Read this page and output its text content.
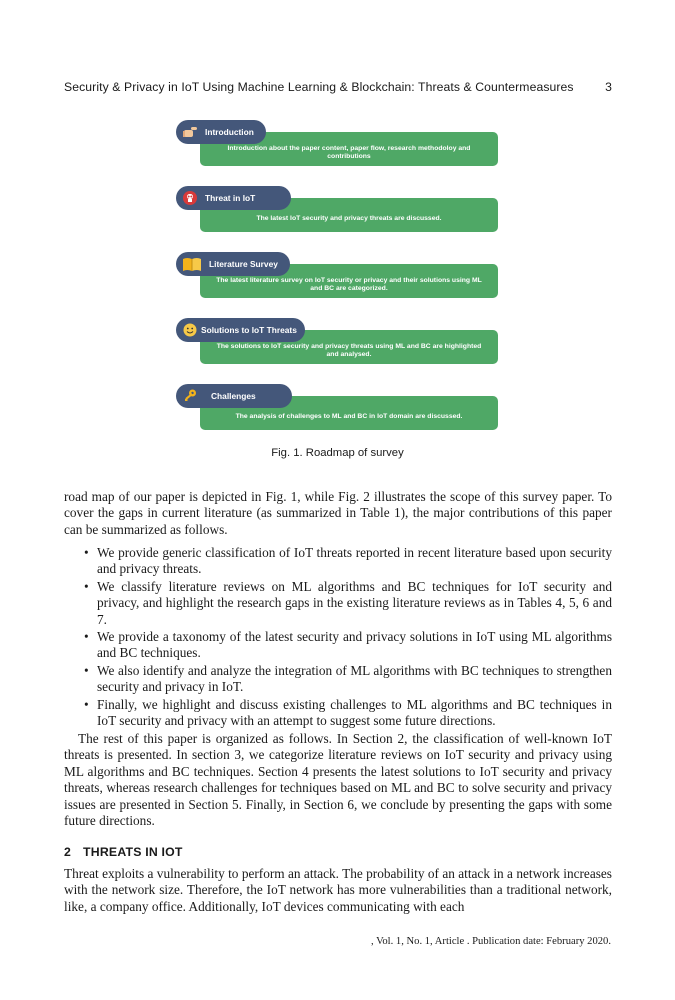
Security & Privacy in IoT Using Machine Learning & Blockchain: Threats & Countermeasures	3
Introduction about the paper content, paper flow, research methodoloy and contributions
Introduction
The latest IoT security and privacy threats are discussed.
Threat in IoT
The latest literature survey on IoT security or privacy and their solutions using ML and BC are categorized.
Literature Survey
The solutions to IoT security and privacy threats using ML and BC are highlighted and analysed.
Solutions to IoT Threats
The analysis of challenges to ML and BC in IoT domain are discussed.
Challenges
Fig. 1. Roadmap of survey

road map of our paper is depicted in Fig. 1, while Fig. 2 illustrates the scope of this survey paper. To cover the gaps in current literature (as summarized in Table 1), the major contributions of this paper can be summarized as follows.

• We provide generic classification of IoT threats reported in recent literature based upon security and privacy threats.
• We classify literature reviews on ML algorithms and BC techniques for IoT security and privacy, and highlight the research gaps in the existing literature reviews as in Tables 4, 5, 6 and 7.
• We provide a taxonomy of the latest security and privacy solutions in IoT using ML algorithms and BC techniques.
• We also identify and analyze the integration of ML algorithms with BC techniques to strengthen security and privacy in IoT.
• Finally, we highlight and discuss existing challenges to ML algorithms and BC techniques in IoT security and privacy with an attempt to suggest some future directions.

The rest of this paper is organized as follows. In Section 2, the classification of well-known IoT threats is presented. In section 3, we categorize literature reviews on IoT security and privacy using ML algorithms and BC techniques. Section 4 presents the latest solutions to IoT security and privacy threats, whereas research challenges for techniques based on ML and BC to solve security and privacy issues are presented in Section 5. Finally, in Section 6, we conclude by presenting the gaps with some future directions.

2 THREATS IN IOT

Threat exploits a vulnerability to perform an attack. The probability of an attack in a network increases with the network size. Therefore, the IoT network has more vulnerabilities than a traditional network, like, a company office. Additionally, IoT devices communicating with each

, Vol. 1, No. 1, Article . Publication date: February 2020.
